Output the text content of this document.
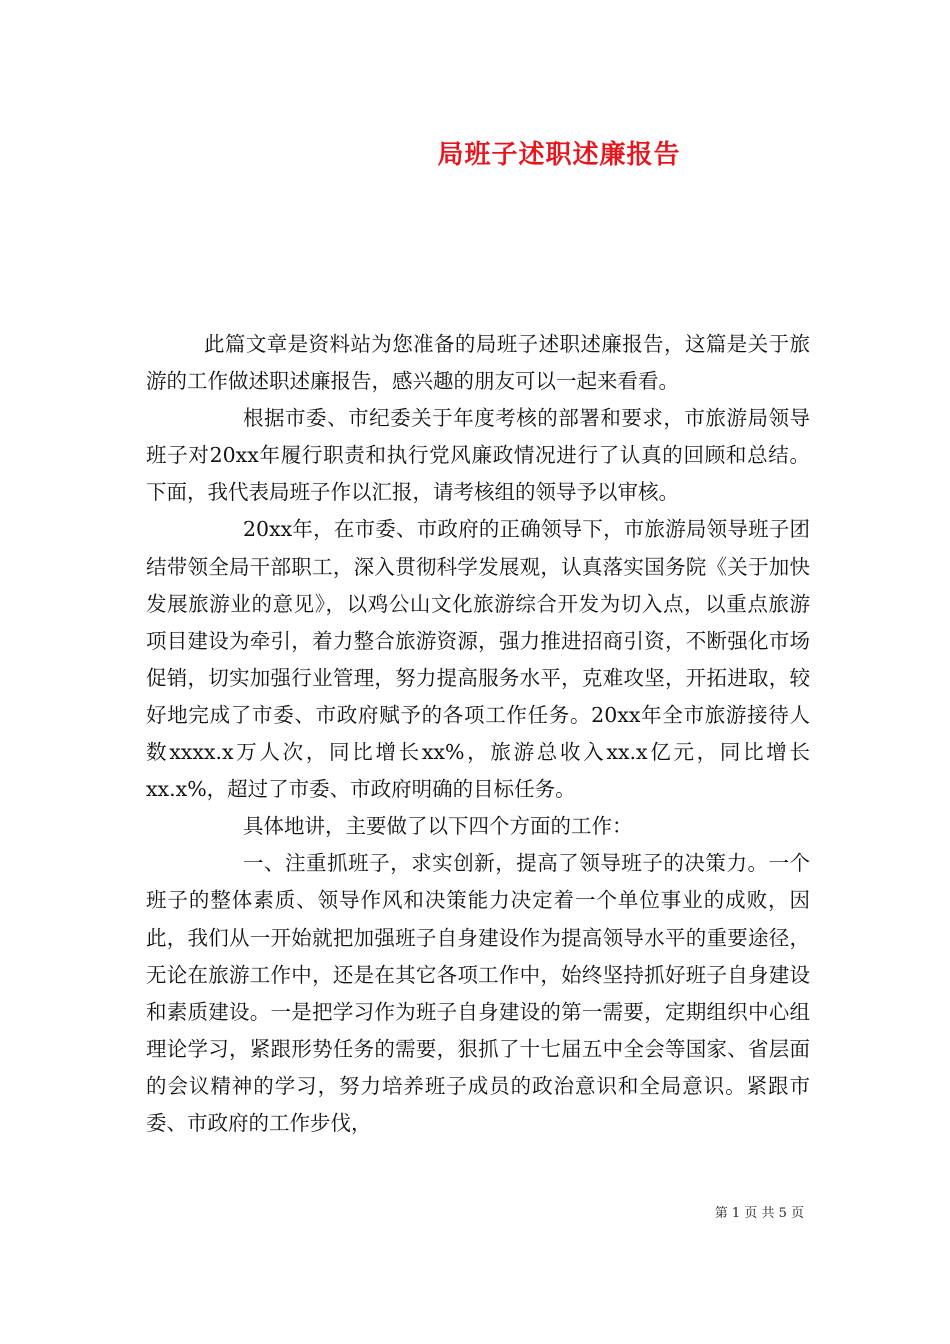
局班子述职述廉报告

此篇文章是资料站为您准备的局班子述职述廉报告，这篇是关于旅游的工作做述职述廉报告，感兴趣的朋友可以一起来看看。

根据市委、市纪委关于年度考核的部署和要求，市旅游局领导班子对20xx年履行职责和执行党风廉政情况进行了认真的回顾和总结。下面，我代表局班子作以汇报，请考核组的领导予以审核。

20xx年，在市委、市政府的正确领导下，市旅游局领导班子团结带领全局干部职工，深入贯彻科学发展观，认真落实国务院《关于加快发展旅游业的意见》，以鸡公山文化旅游综合开发为切入点，以重点旅游项目建设为牵引，着力整合旅游资源，强力推进招商引资，不断强化市场促销，切实加强行业管理，努力提高服务水平，克难攻坚，开拓进取，较好地完成了市委、市政府赋予的各项工作任务。20xx年全市旅游接待人数xxxx.x万人次，同比增长xx%，旅游总收入xx.x亿元，同比增长xx.x%，超过了市委、市政府明确的目标任务。

具体地讲，主要做了以下四个方面的工作：

一、注重抓班子，求实创新，提高了领导班子的决策力。一个班子的整体素质、领导作风和决策能力决定着一个单位事业的成败，因此，我们从一开始就把加强班子自身建设作为提高领导水平的重要途径，无论在旅游工作中，还是在其它各项工作中，始终坚持抓好班子自身建设和素质建设。一是把学习作为班子自身建设的第一需要，定期组织中心组理论学习，紧跟形势任务的需要，狠抓了十七届五中全会等国家、省层面的会议精神的学习，努力培养班子成员的政治意识和全局意识。紧跟市委、市政府的工作步伐，

第 1 页 共 5 页
